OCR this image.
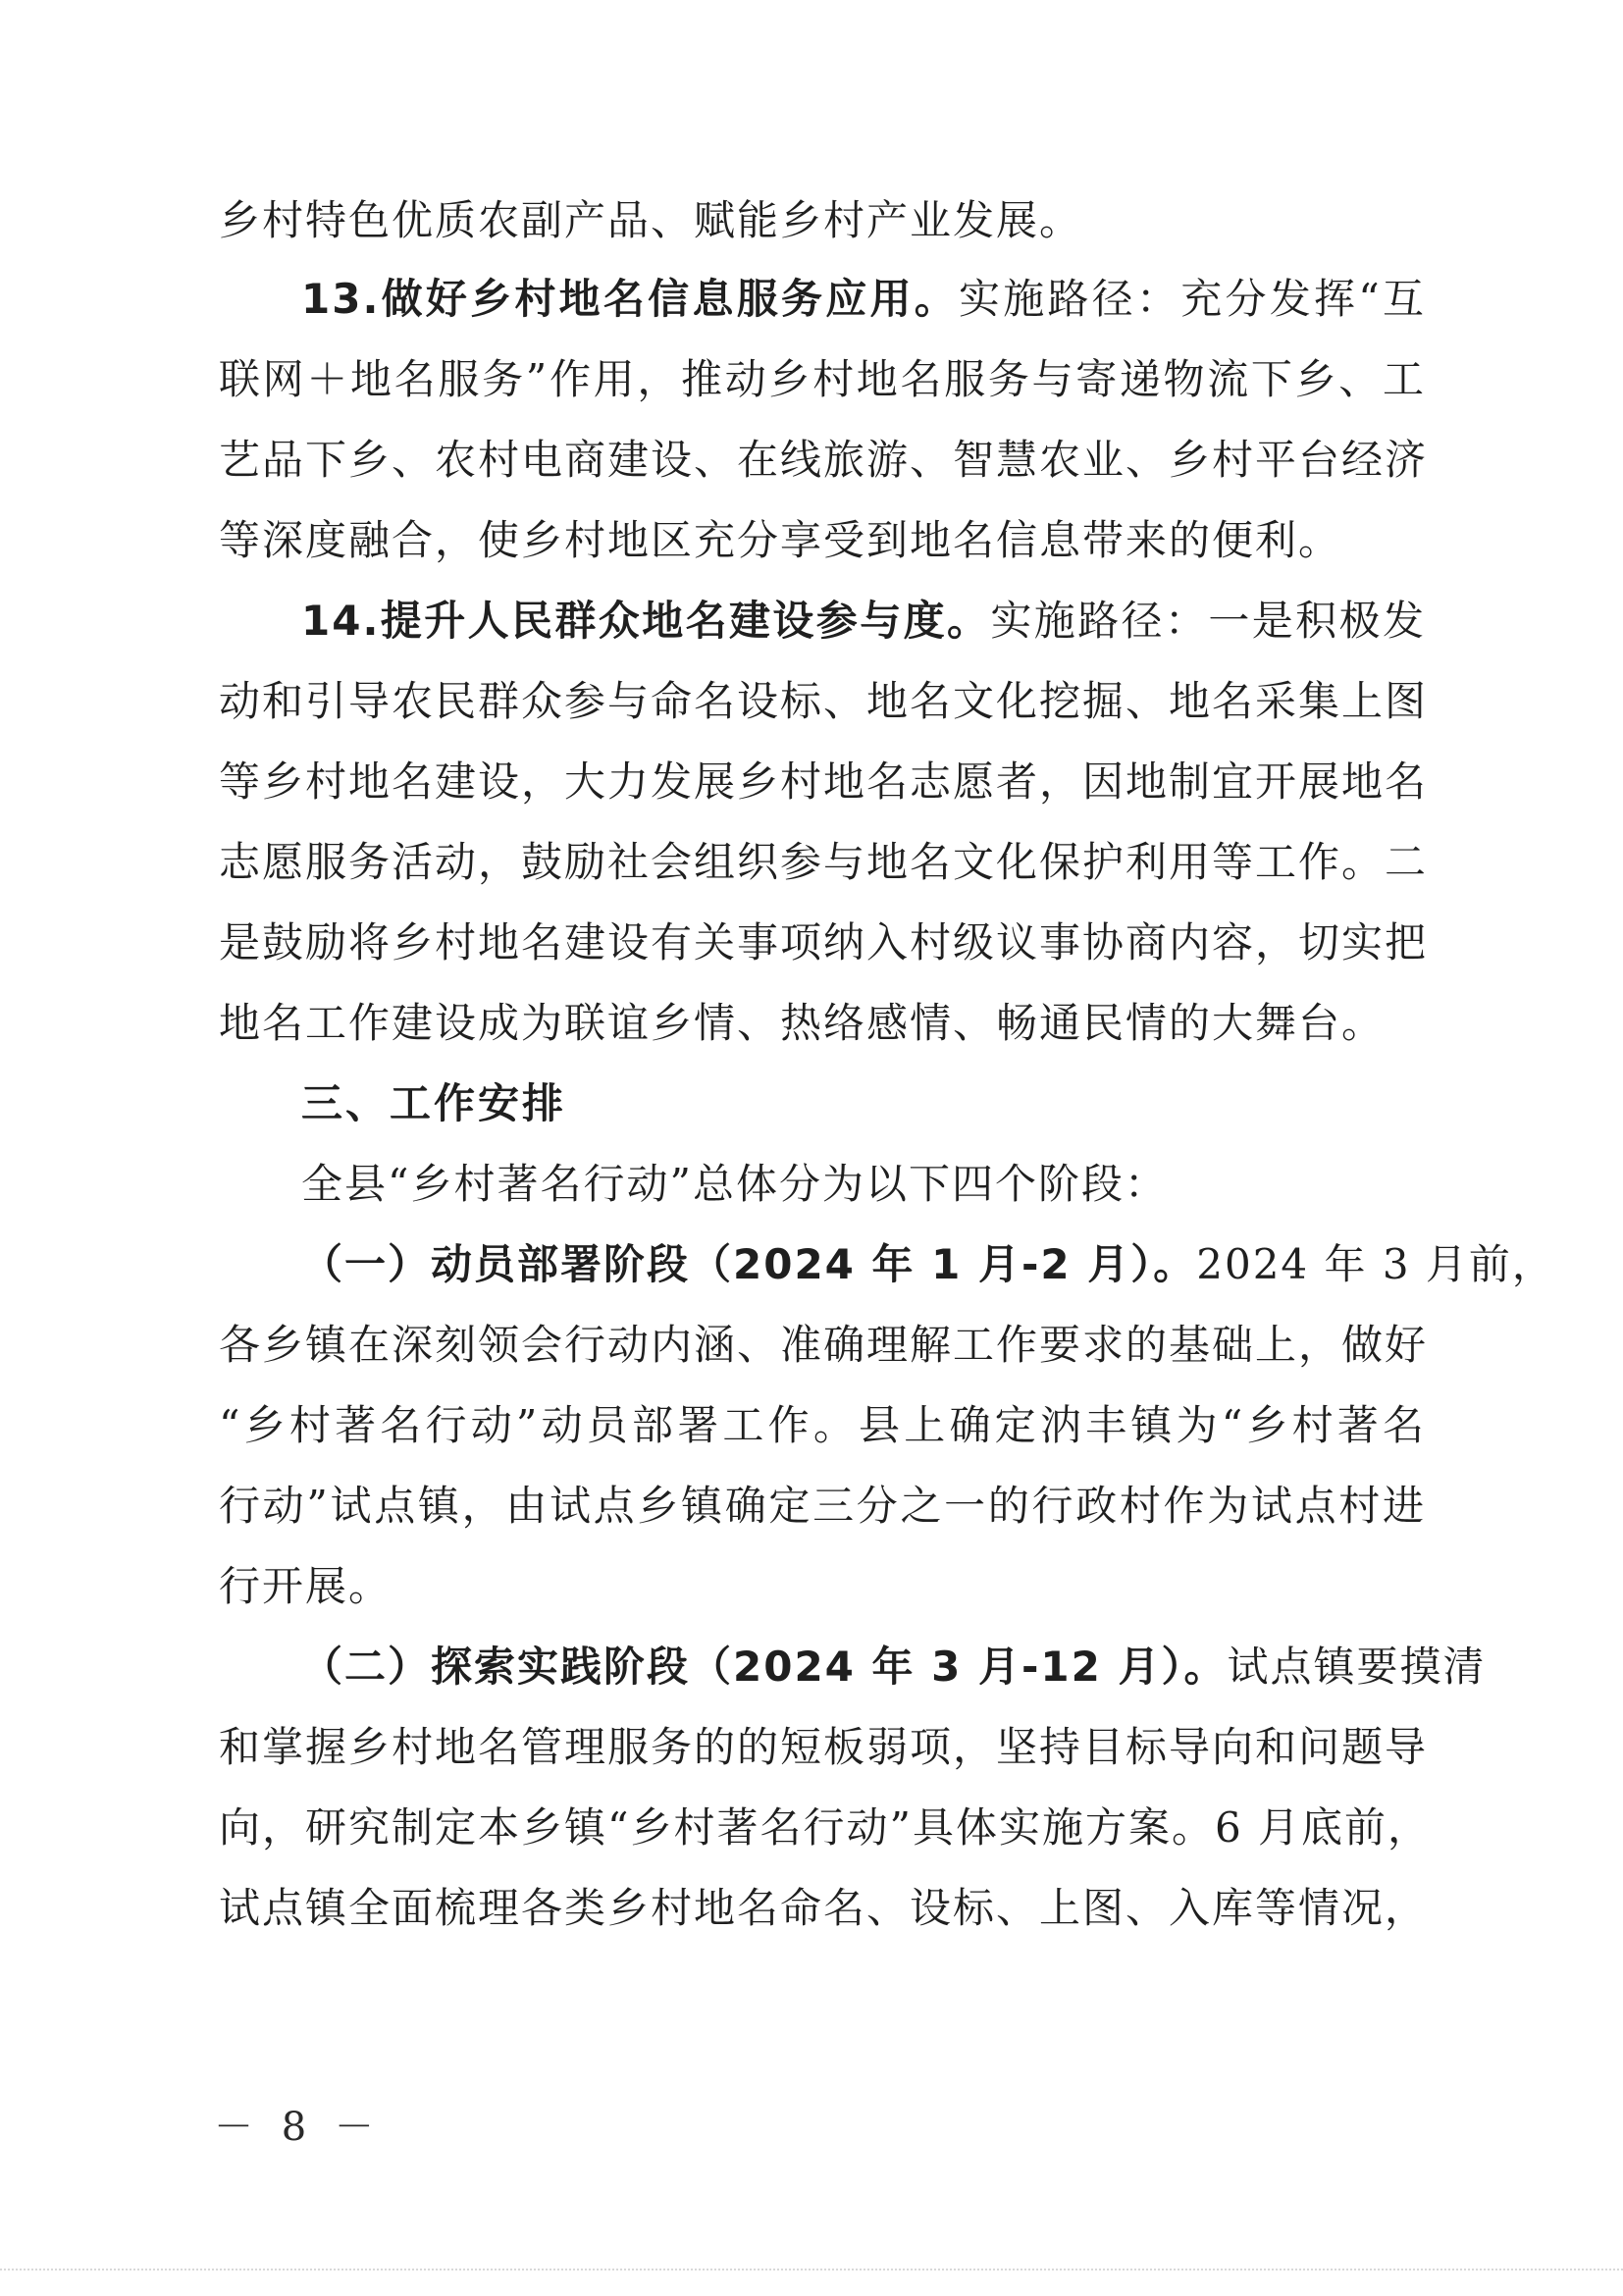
乡村特色优质农副产品、赋能乡村产业发展。
13.做好乡村地名信息服务应用。实施路径：充分发挥“互
联网＋地名服务”作用，推动乡村地名服务与寄递物流下乡、工
艺品下乡、农村电商建设、在线旅游、智慧农业、乡村平台经济
等深度融合，使乡村地区充分享受到地名信息带来的便利。
14.提升人民群众地名建设参与度。实施路径：一是积极发
动和引导农民群众参与命名设标、地名文化挖掘、地名采集上图
等乡村地名建设，大力发展乡村地名志愿者，因地制宜开展地名
志愿服务活动，鼓励社会组织参与地名文化保护利用等工作。二
是鼓励将乡村地名建设有关事项纳入村级议事协商内容，切实把
地名工作建设成为联谊乡情、热络感情、畅通民情的大舞台。
三、工作安排
全县“乡村著名行动”总体分为以下四个阶段：
（一）动员部署阶段（2024 年 1 月-2 月）。2024 年 3 月前，
各乡镇在深刻领会行动内涵、准确理解工作要求的基础上，做好
“乡村著名行动”动员部署工作。县上确定汭丰镇为“乡村著名
行动”试点镇，由试点乡镇确定三分之一的行政村作为试点村进
行开展。
（二）探索实践阶段（2024 年 3 月-12 月）。试点镇要摸清
和掌握乡村地名管理服务的的短板弱项，坚持目标导向和问题导
向，研究制定本乡镇“乡村著名行动”具体实施方案。6 月底前，
试点镇全面梳理各类乡村地名命名、设标、上图、入库等情况，
－ 8 －
